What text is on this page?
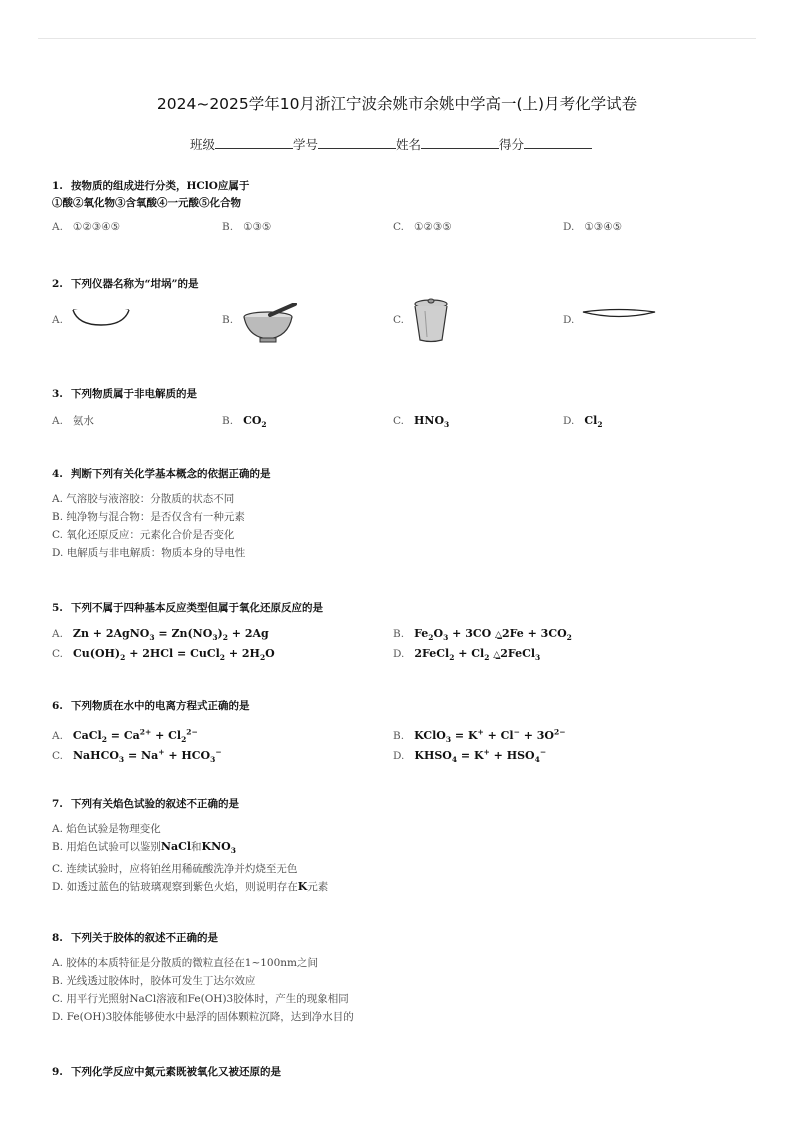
2024~2025学年10月浙江宁波余姚市余姚中学高一(上)月考化学试卷
班级	学号	姓名	得分
1. 按物质的组成进行分类，HClO应属于
①酸②氧化物③含氧酸④一元酸⑤化合物
A. ①②③④⑤	B. ①③⑤	C. ①②③⑤	D. ①③④⑤
2. 下列仪器名称为“坩埚”的是
A.	B.	C.	D.
3. 下列物质属于非电解质的是
A. 氨水	B. $CO_2$	C. $HNO_3$	D. $Cl_2$
4. 判断下列有关化学基本概念的依据正确的是
A. 气溶胶与液溶胶：分散质的状态不同
B. 纯净物与混合物：是否仅含有一种元素
C. 氧化还原反应：元素化合价是否变化
D. 电解质与非电解质：物质本身的导电性
5. 下列不属于四种基本反应类型但属于氧化还原反应的是
A. Zn + 2AgNO$_3$ = $Zn(NO_3)_2 + 2Ag$	B. $Fe_2O_3 + 3CO$ △̲̲2Fe + $3CO_2$
C. $Cu(OH)_2 + 2HCl$ = CuCl$_2$ + $2H_2O$	D. 2FeCl$_2$ + $Cl_2$ △̲̲2FeCl$_3$
6. 下列物质在水中的电离方程式正确的是
A. CaCl$_2$ = $Ca^{2+} + Cl_2^{2-}$	B. KClO$_3$ = $K^+ + Cl^- + 3O^{2-}$
C. NaHCO$_3$ = $Na^+ + HCO_3^-$	D. $KHSO_4 = K^+ + HSO_4^-$
7. 下列有关焰色试验的叙述不正确的是
A. 焰色试验是物理变化
B. 用焰色试验可以鉴别NaCl和$KNO_3$
C. 连续试验时，应将铂丝用稀硫酸洗净并灼烧至无色
D. 如透过蓝色的钴玻璃观察到紫色火焰，则说明存在K元素
8. 下列关于胶体的叙述不正确的是
A. 胶体的本质特征是分散质的微粒直径在1~100nm之间
B. 光线透过胶体时，胶体可发生丁达尔效应
C. 用平行光照射NaCl溶液和Fe(OH)3胶体时，产生的现象相同
D. Fe(OH)3胶体能够使水中悬浮的固体颗粒沉降，达到净水目的
9. 下列化学反应中氮元素既被氧化又被还原的是
